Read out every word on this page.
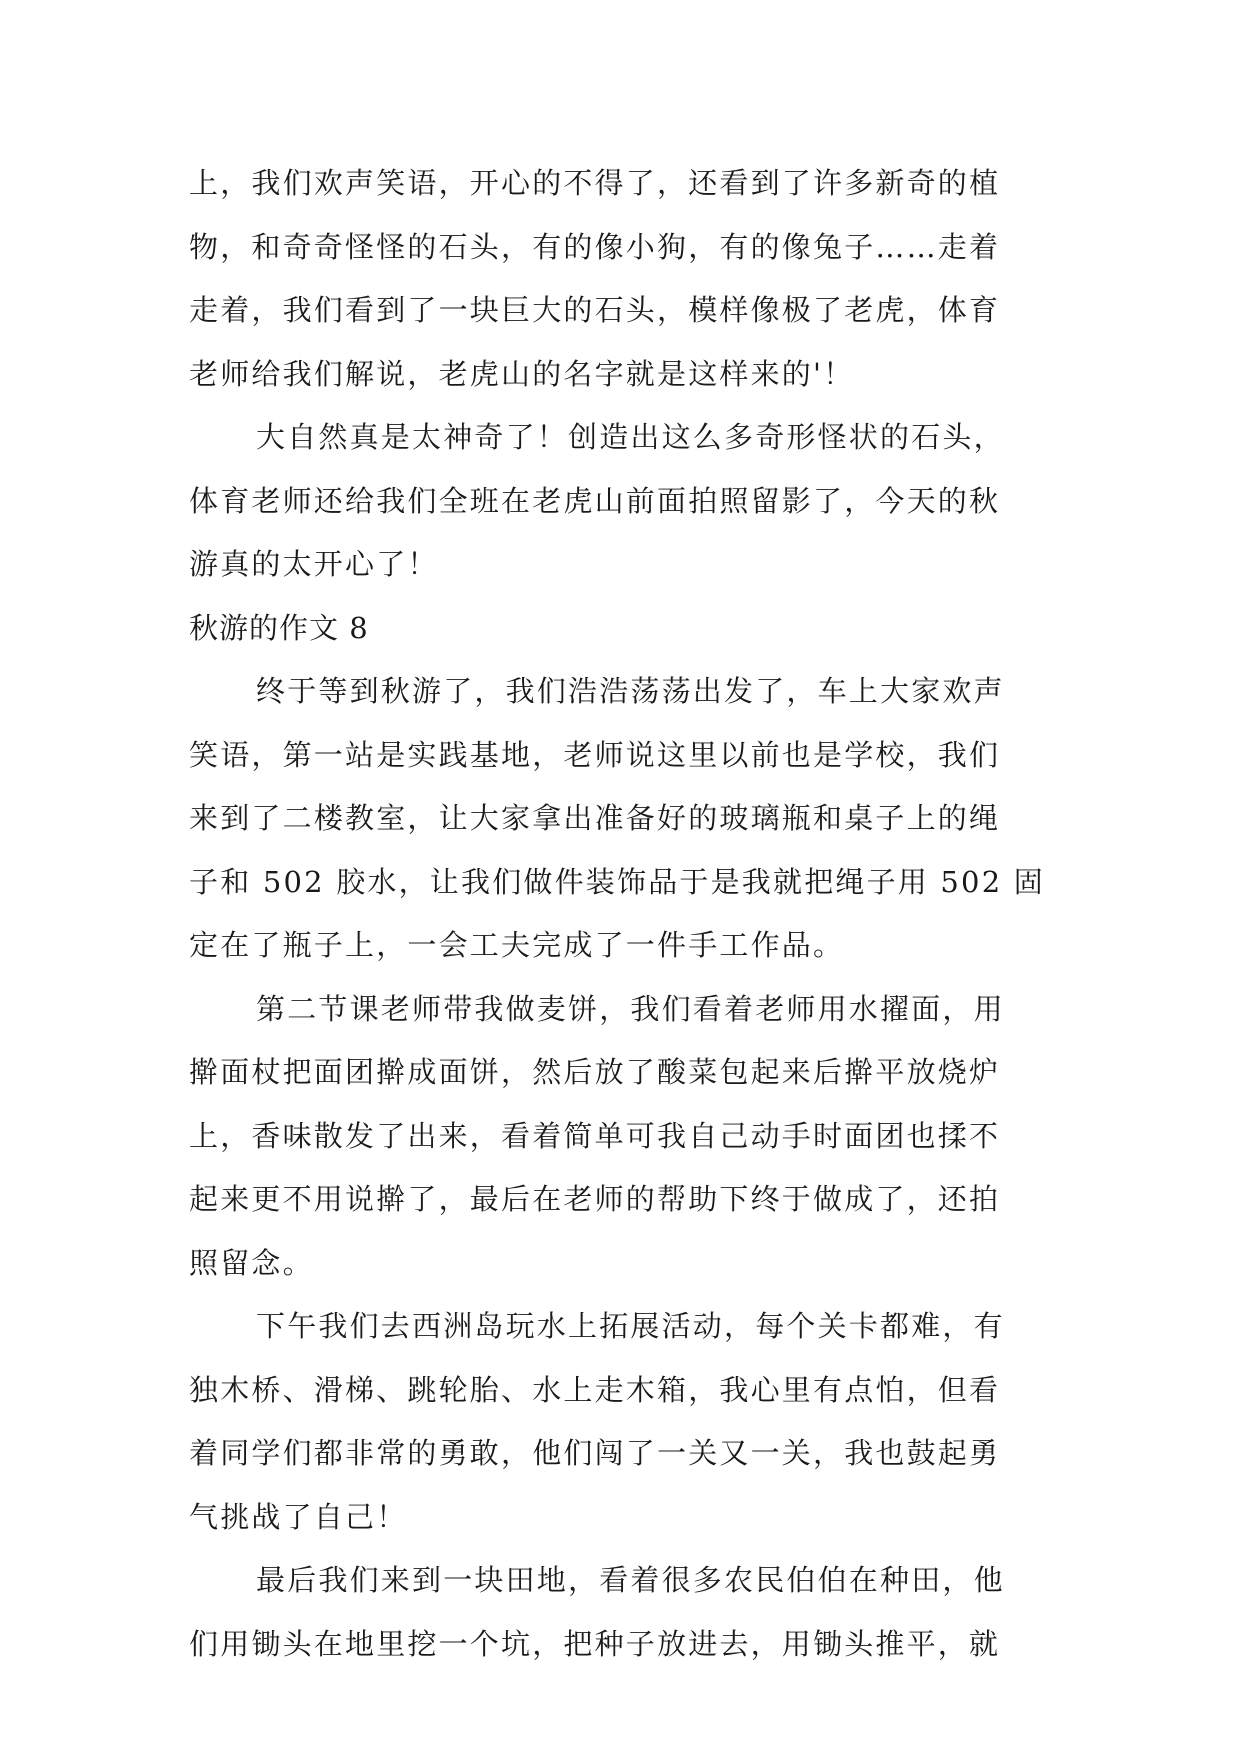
上，我们欢声笑语，开心的不得了，还看到了许多新奇的植
物，和奇奇怪怪的石头，有的像小狗，有的像兔子……走着
走着，我们看到了一块巨大的石头，模样像极了老虎，体育
老师给我们解说，老虎山的名字就是这样来的'！
大自然真是太神奇了！创造出这么多奇形怪状的石头，
体育老师还给我们全班在老虎山前面拍照留影了，今天的秋
游真的太开心了！
秋游的作文 8
终于等到秋游了，我们浩浩荡荡出发了，车上大家欢声
笑语，第一站是实践基地，老师说这里以前也是学校，我们
来到了二楼教室，让大家拿出准备好的玻璃瓶和桌子上的绳
子和 502 胶水，让我们做件装饰品于是我就把绳子用 502 固
定在了瓶子上，一会工夫完成了一件手工作品。
第二节课老师带我做麦饼，我们看着老师用水擢面，用
擀面杖把面团擀成面饼，然后放了酸菜包起来后擀平放烧炉
上，香味散发了出来，看着简单可我自己动手时面团也揉不
起来更不用说擀了，最后在老师的帮助下终于做成了，还拍
照留念。
下午我们去西洲岛玩水上拓展活动，每个关卡都难，有
独木桥、滑梯、跳轮胎、水上走木箱，我心里有点怕，但看
着同学们都非常的勇敢，他们闯了一关又一关，我也鼓起勇
气挑战了自己！
最后我们来到一块田地，看着很多农民伯伯在种田，他
们用锄头在地里挖一个坑，把种子放进去，用锄头推平，就
